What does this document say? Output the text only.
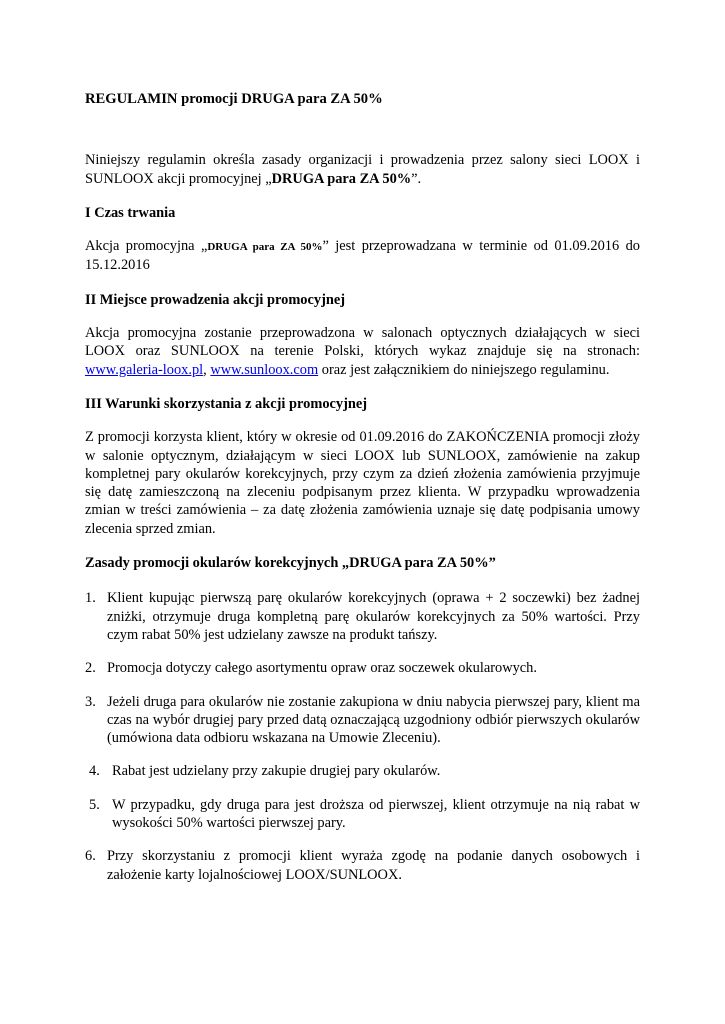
REGULAMIN promocji DRUGA para ZA 50%

Niniejszy regulamin określa zasady organizacji i prowadzenia przez salony sieci LOOX i SUNLOOX akcji promocyjnej „DRUGA para ZA 50%”.

I Czas trwania

Akcja promocyjna „DRUGA para ZA 50%” jest przeprowadzana w terminie od 01.09.2016 do 15.12.2016

II Miejsce prowadzenia akcji promocyjnej

Akcja promocyjna zostanie przeprowadzona w salonach optycznych działających w sieci LOOX oraz SUNLOOX na terenie Polski, których wykaz znajduje się na stronach: www.galeria-loox.pl, www.sunloox.com oraz jest załącznikiem do niniejszego regulaminu.

III Warunki skorzystania z akcji promocyjnej

Z promocji korzysta klient, który w okresie od 01.09.2016 do ZAKOŃCZENIA promocji złoży w salonie optycznym, działającym w sieci LOOX lub SUNLOOX, zamówienie na zakup kompletnej pary okularów korekcyjnych, przy czym za dzień złożenia zamówienia przyjmuje się datę zamieszczoną na zleceniu podpisanym przez klienta. W przypadku wprowadzenia zmian w treści zamówienia – za datę złożenia zamówienia uznaje się datę podpisania umowy zlecenia sprzed zmian.

Zasady promocji okularów korekcyjnych „DRUGA para ZA 50%”

1. Klient kupując pierwszą parę okularów korekcyjnych (oprawa + 2 soczewki) bez żadnej zniżki, otrzymuje druga kompletną parę okularów korekcyjnych za 50% wartości. Przy czym rabat 50% jest udzielany zawsze na produkt tańszy.
2. Promocja dotyczy całego asortymentu opraw oraz soczewek okularowych.
3. Jeżeli druga para okularów nie zostanie zakupiona w dniu nabycia pierwszej pary, klient ma czas na wybór drugiej pary przed datą oznaczającą uzgodniony odbiór pierwszych okularów (umówiona data odbioru wskazana na Umowie Zleceniu).
4. Rabat jest udzielany przy zakupie drugiej pary okularów.
5. W przypadku, gdy druga para jest droższa od pierwszej, klient otrzymuje na nią rabat w wysokości 50% wartości pierwszej pary.
6. Przy skorzystaniu z promocji klient wyraża zgodę na podanie danych osobowych i założenie karty lojalnościowej LOOX/SUNLOOX.
